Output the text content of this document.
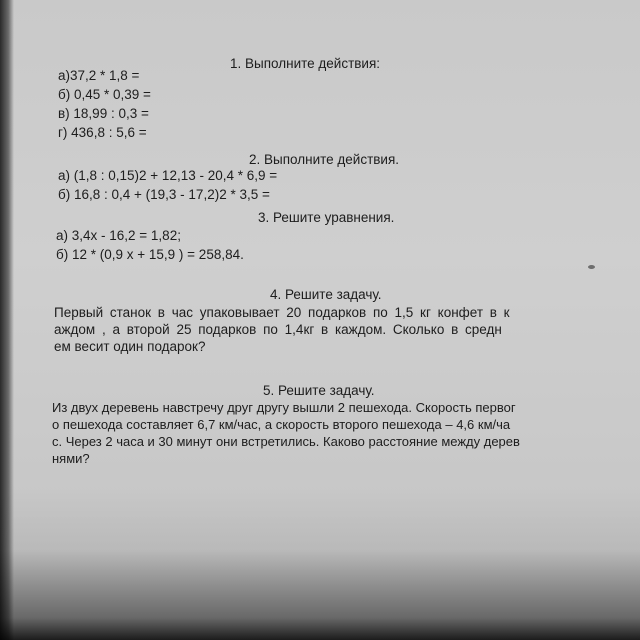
1. Выполните действия:
а)37,2 * 1,8 =
б) 0,45 * 0,39 =
в) 18,99 : 0,3 =
г) 436,8 : 5,6 =
2. Выполните действия.
а) (1,8 : 0,15)2 + 12,13 - 20,4 * 6,9 =
б) 16,8 : 0,4 + (19,3 - 17,2)2 * 3,5 =
3. Решите уравнения.
а) 3,4х - 16,2 = 1,82;
б) 12 * (0,9 х + 15,9 ) = 258,84.
4. Решите задачу.
Первый станок в час упаковывает 20 подарков по 1,5 кг конфет в к
аждом , а второй 25 подарков по 1,4кг в каждом. Сколько в средн
ем весит один подарок?
5. Решите задачу.
Из двух деревень навстречу друг другу вышли 2 пешехода. Скорость первог
о пешехода составляет 6,7 км/час, а скорость второго пешехода – 4,6 км/ча
с. Через 2 часа и 30 минут они встретились. Каково расстояние между дерев
нями?
